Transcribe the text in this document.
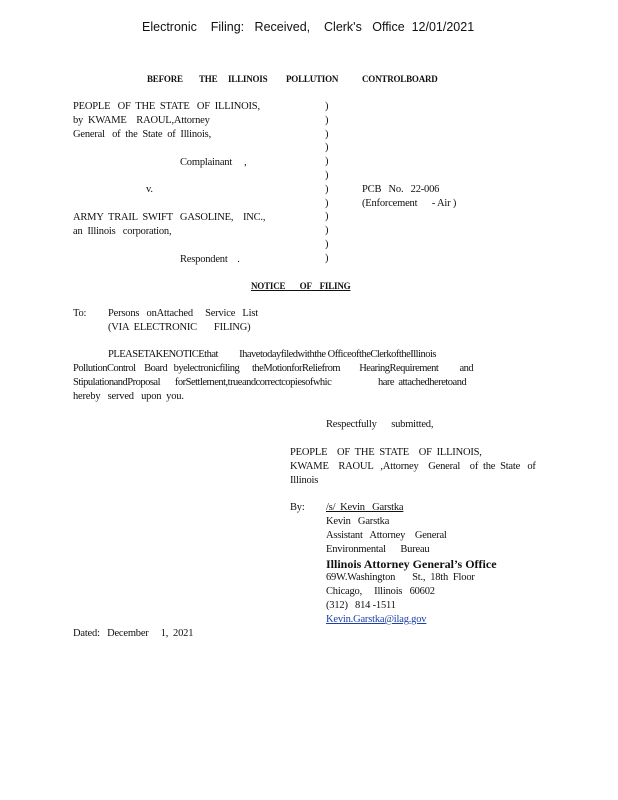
Electronic    Filing:   Received,    Clerk's   Office  12/01/2021
BEFORE THE ILLINOIS POLLUTION	CONTROLBOARD
PEOPLE   OF  THE  STATE   OF  ILLINOIS,
by  KWAME    RAOUL,Attorney
General   of  the  State  of  Illinois,
Complainant     ,
v.
ARMY  TRAIL  SWIFT   GASOLINE,    INC.,
an  Illinois   corporation,
Respondent    .
)
)
)
)
)
)
)
)
)
)
)
)
PCB   No.   22-006
(Enforcement      - Air )
NOTICE       OF    FILING
To: Persons   onAttached     Service   List
(VIA  ELECTRONIC       FILING)
PLEASETAKENOTICEthat          Ihavetodayfiledwiththe OfficeoftheClerkoftheIllinois
PollutionControl    Board   byelectronicfiling      theMotionforReliefrom         HearingRequirement          and
StipulationandProposal       forSettlement,trueandcorrectcopiesofwhic                      hare  attachedheretoand
hereby   served   upon  you.
Respectfully      submitted,
PEOPLE    OF  THE  STATE    OF  ILLINOIS,
KWAME    RAOUL   ,Attorney    General    of  the  State   of
Illinois
By: /s/  Kevin   Garstka
Kevin   Garstka
Assistant   Attorney    General
Environmental      Bureau
Illinois Attorney General’s Office
69W.Washington       St.,  18th  Floor
Chicago,     Illinois   60602
(312)   814 -1511
Kevin.Garstka@ilag.gov
Dated:   December     1,  2021
